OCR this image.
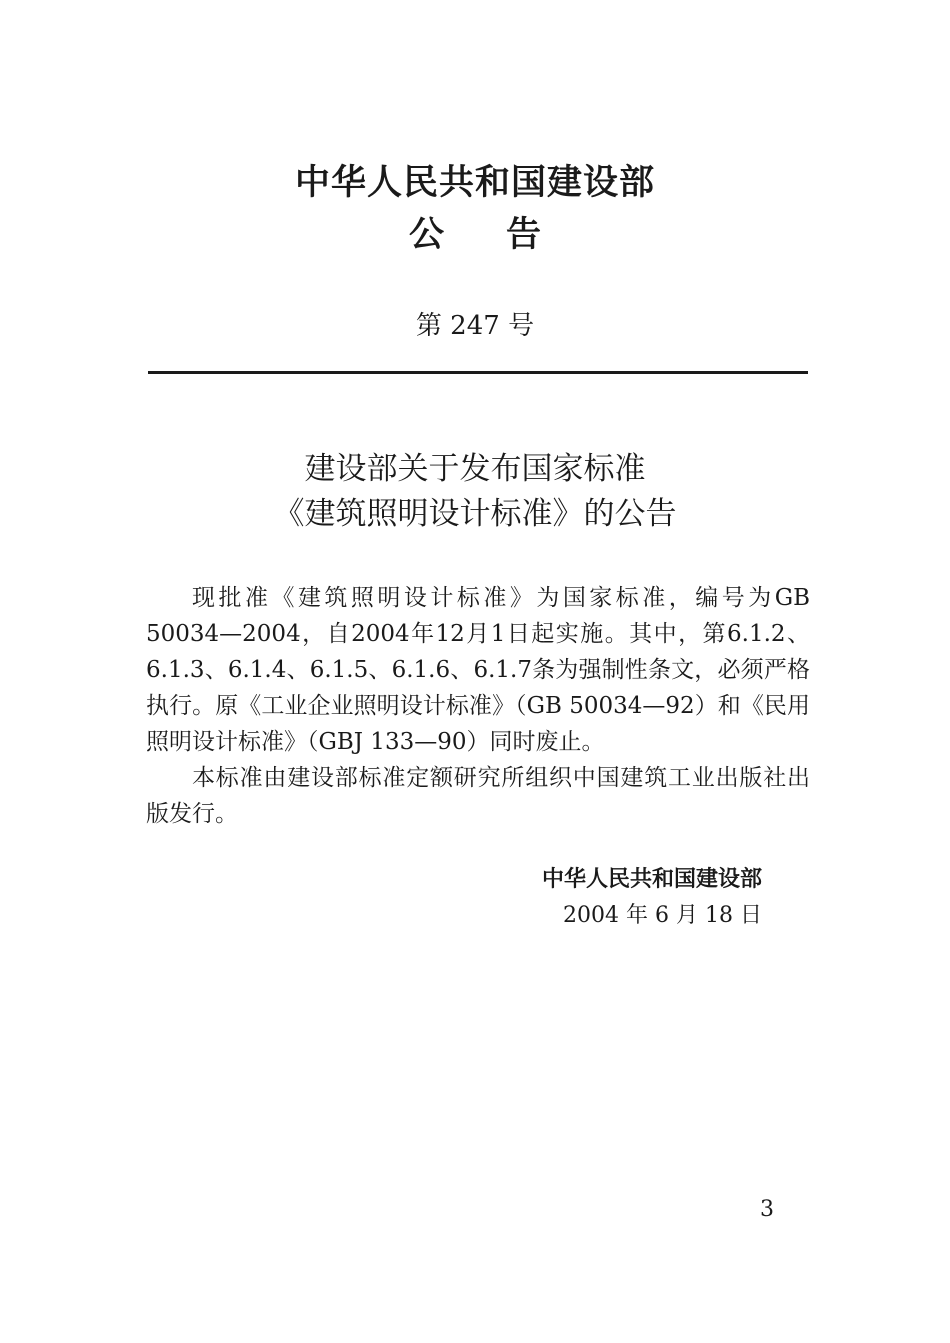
中华人民共和国建设部
公告
第 247 号
建设部关于发布国家标准
《建筑照明设计标准》的公告

现批准《建筑照明设计标准》为国家标准，编号为GB 50034—2004，自2004年12月1日起实施。其中，第6.1.2、6.1.3、6.1.4、6.1.5、6.1.6、6.1.7条为强制性条文，必须严格执行。原《工业企业照明设计标准》（GB 50034—92）和《民用照明设计标准》（GBJ 133—90）同时废止。

本标准由建设部标准定额研究所组织中国建筑工业出版社出版发行。

中华人民共和国建设部
2004 年 6 月 18 日
3
